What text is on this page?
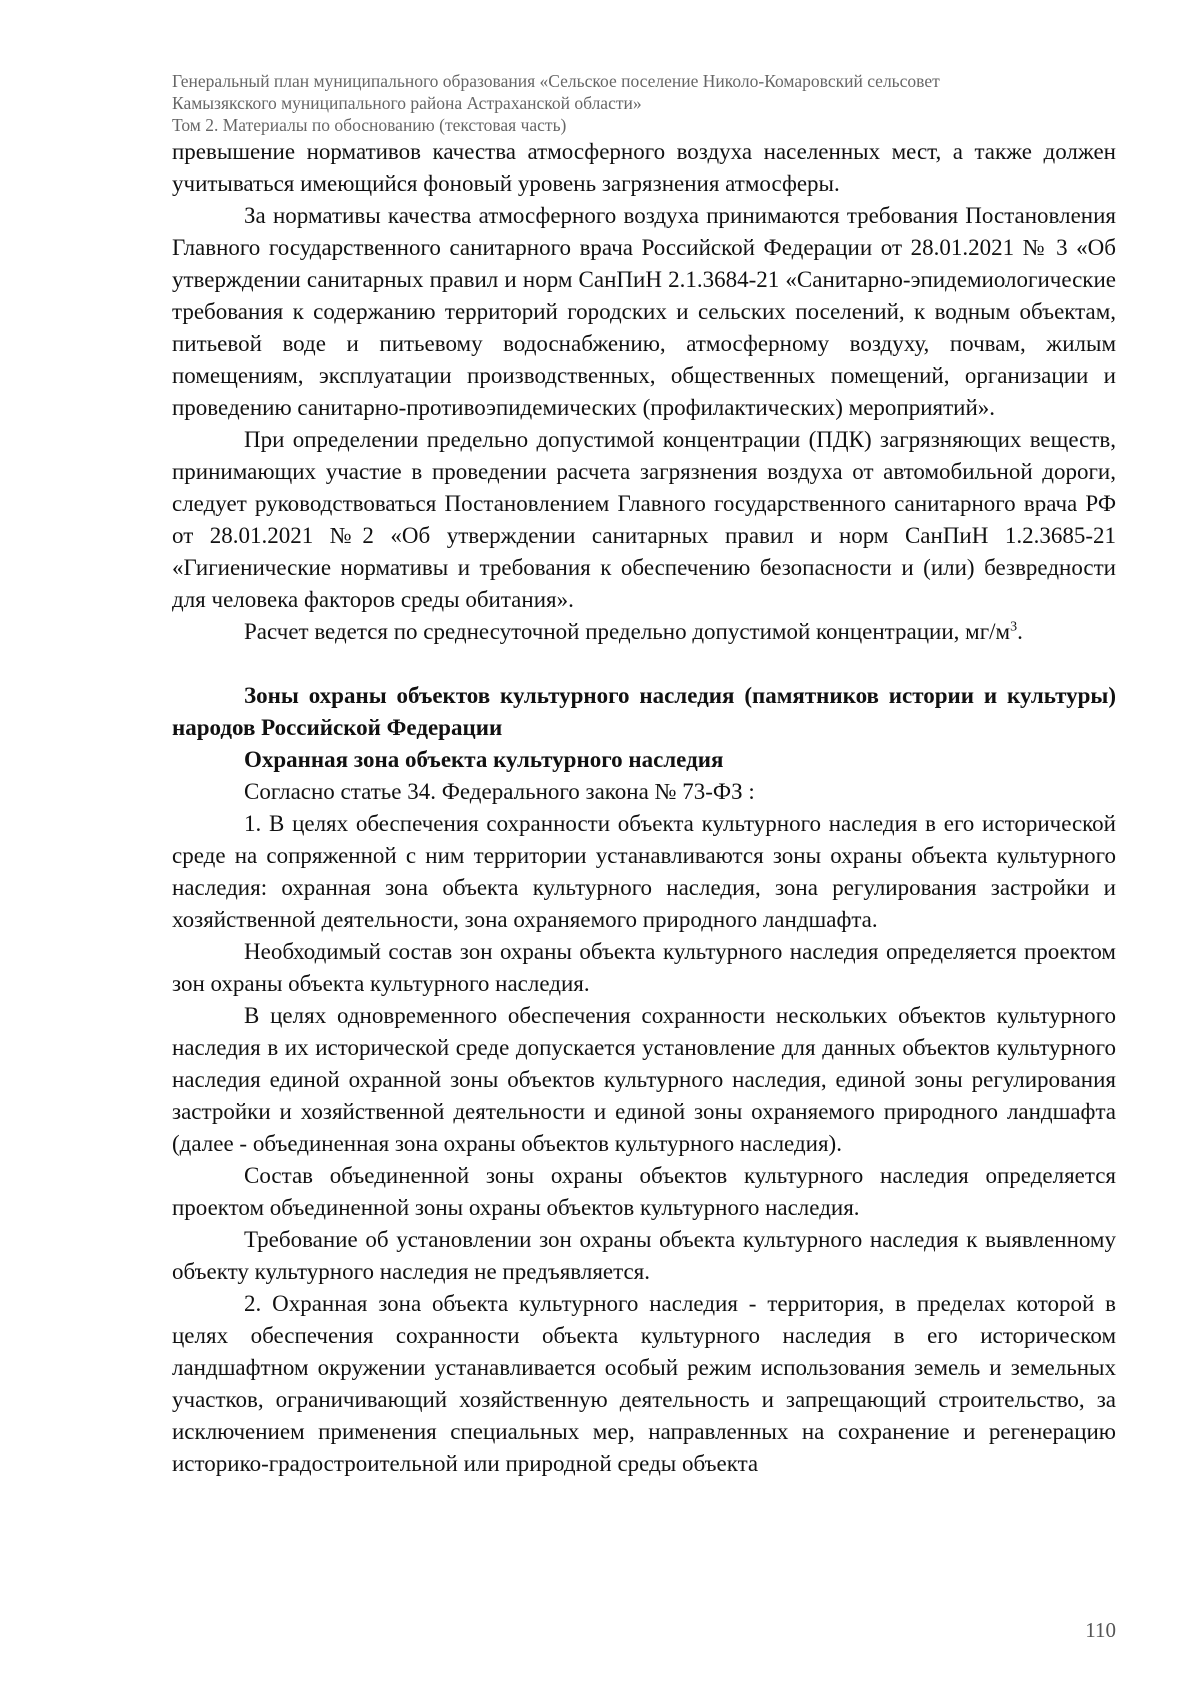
Генеральный план муниципального образования «Сельское поселение Николо-Комаровский сельсовет
Камызякского муниципального района Астраханской области»
Том 2. Материалы по обоснованию (текстовая часть)

превышение нормативов качества атмосферного воздуха населенных мест, а также должен учитываться имеющийся фоновый уровень загрязнения атмосферы.

За нормативы качества атмосферного воздуха принимаются требования Постановления Главного государственного санитарного врача Российской Федерации от 28.01.2021 № 3 «Об утверждении санитарных правил и норм СанПиН 2.1.3684-21 «Санитарно-эпидемиологические требования к содержанию территорий городских и сельских поселений, к водным объектам, питьевой воде и питьевому водоснабжению, атмосферному воздуху, почвам, жилым помещениям, эксплуатации производственных, общественных помещений, организации и проведению санитарно-противоэпидемических (профилактических) мероприятий».

При определении предельно допустимой концентрации (ПДК) загрязняющих веществ, принимающих участие в проведении расчета загрязнения воздуха от автомобильной дороги, следует руководствоваться Постановлением Главного государственного санитарного врача РФ от 28.01.2021 №2 «Об утверждении санитарных правил и норм СанПиН 1.2.3685-21 «Гигиенические нормативы и требования к обеспечению безопасности и (или) безвредности для человека факторов среды обитания».

Расчет ведется по среднесуточной предельно допустимой концентрации, $мг/м^3$.

Зоны охраны объектов культурного наследия (памятников истории и культуры) народов Российской Федерации

Охранная зона объекта культурного наследия

Согласно статье 34. Федерального закона № 73-ФЗ :

1. В целях обеспечения сохранности объекта культурного наследия в его исторической среде на сопряженной с ним территории устанавливаются зоны охраны объекта культурного наследия: охранная зона объекта культурного наследия, зона регулирования застройки и хозяйственной деятельности, зона охраняемого природного ландшафта.

Необходимый состав зон охраны объекта культурного наследия определяется проектом зон охраны объекта культурного наследия.

В целях одновременного обеспечения сохранности нескольких объектов культурного наследия в их исторической среде допускается установление для данных объектов культурного наследия единой охранной зоны объектов культурного наследия, единой зоны регулирования застройки и хозяйственной деятельности и единой зоны охраняемого природного ландшафта (далее - объединенная зона охраны объектов культурного наследия).

Состав объединенной зоны охраны объектов культурного наследия определяется проектом объединенной зоны охраны объектов культурного наследия.

Требование об установлении зон охраны объекта культурного наследия к выявленному объекту культурного наследия не предъявляется.

2. Охранная зона объекта культурного наследия - территория, в пределах которой в целях обеспечения сохранности объекта культурного наследия в его историческом ландшафтном окружении устанавливается особый режим использования земель и земельных участков, ограничивающий хозяйственную деятельность и запрещающий строительство, за исключением применения специальных мер, направленных на сохранение и регенерацию историко-градостроительной или природной среды объекта

110
